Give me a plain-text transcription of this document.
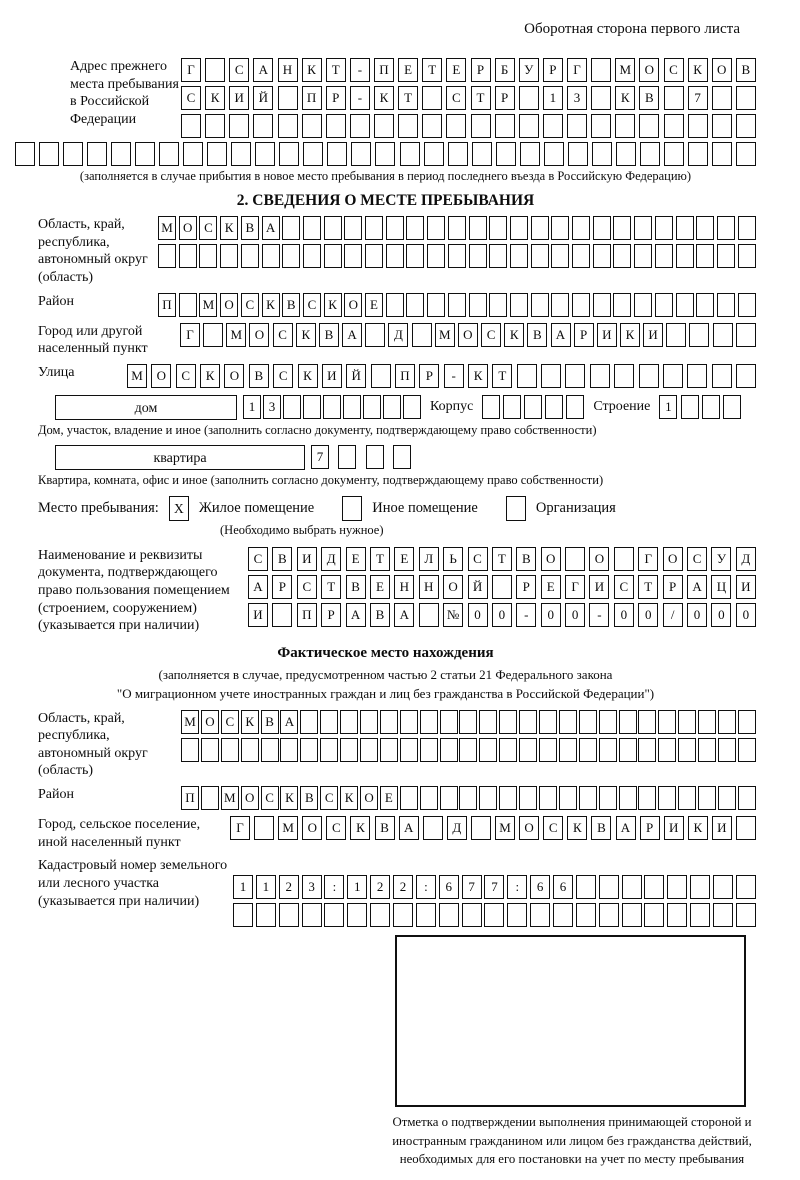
Оборотная сторона первого листа
Адрес прежнего места пребывания в Российской Федерации
Г	С	А	Н	К	Т	-	П	Е	Т	Е	Р	Б	У	Р	Г	М	О	С	К	О	В
С	К	И	Й	П	Р	-	К	Т	С	Т	Р	1	3	К	В	7
(заполняется в случае прибытия в новое место пребывания в период последнего въезда в Российскую Федерацию)
2. СВЕДЕНИЯ О МЕСТЕ ПРЕБЫВАНИЯ
Область, край, республика, автономный округ (область)
М О С К В А
Район	П	М О С К В С К О Е
Город или другой населенный пункт
Г	М О	С	К	В	А	Д	М О	С	К	В	А	Р	И	К	И
Улица	М	О	С	К	О	В	С	К	И	Й	П	Р	-	К	Т
дом	1	3	Корпус	Строение	1
Дом, участок, владение и иное (заполнить согласно документу, подтверждающему право собственности)
квартира	7
Квартира, комната, офис и иное (заполнить согласно документу, подтверждающему право собственности)
Место пребывания:	X	Жилое помещение	Иное помещение	Организация
(Необходимо выбрать нужное)
Наименование и реквизиты документа, подтверждающего право пользования помещением (строением, сооружением) (указывается при наличии)
С	В	И	Д	Е	Т	Е	Л	Ь	С	Т	В	О	О	Г	О	С	У	Д
А	Р	С	Т	В	Е	Н	Н	О	Й	Р	Е	Г	И	С	Т	Р	А	Ц	И
И	П	Р	А	В	А	№	0	0	-	0	0	-	0	0	/	0	0	0
Фактическое место нахождения
(заполняется в случае, предусмотренном частью 2 статьи 21 Федерального закона
"О миграционном учете иностранных граждан и лиц без гражданства в Российской Федерации")
Область, край, республика, автономный округ (область)
М О С К В А
Район	П	М О С К В С К О Е
Город, сельское поселение, иной населенный пункт
Г	М	О	С	К	В	А	Д	М	О	С	К	В	А	Р	И	К	И
Кадастровый номер земельного или лесного участка (указывается при наличии)
1	1	2	3	:	1	2	2	:	6	7	7	:	6	6
Отметка о подтверждении выполнения принимающей стороной и иностранным гражданином или лицом без гражданства действий, необходимых для его постановки на учет по месту пребывания
